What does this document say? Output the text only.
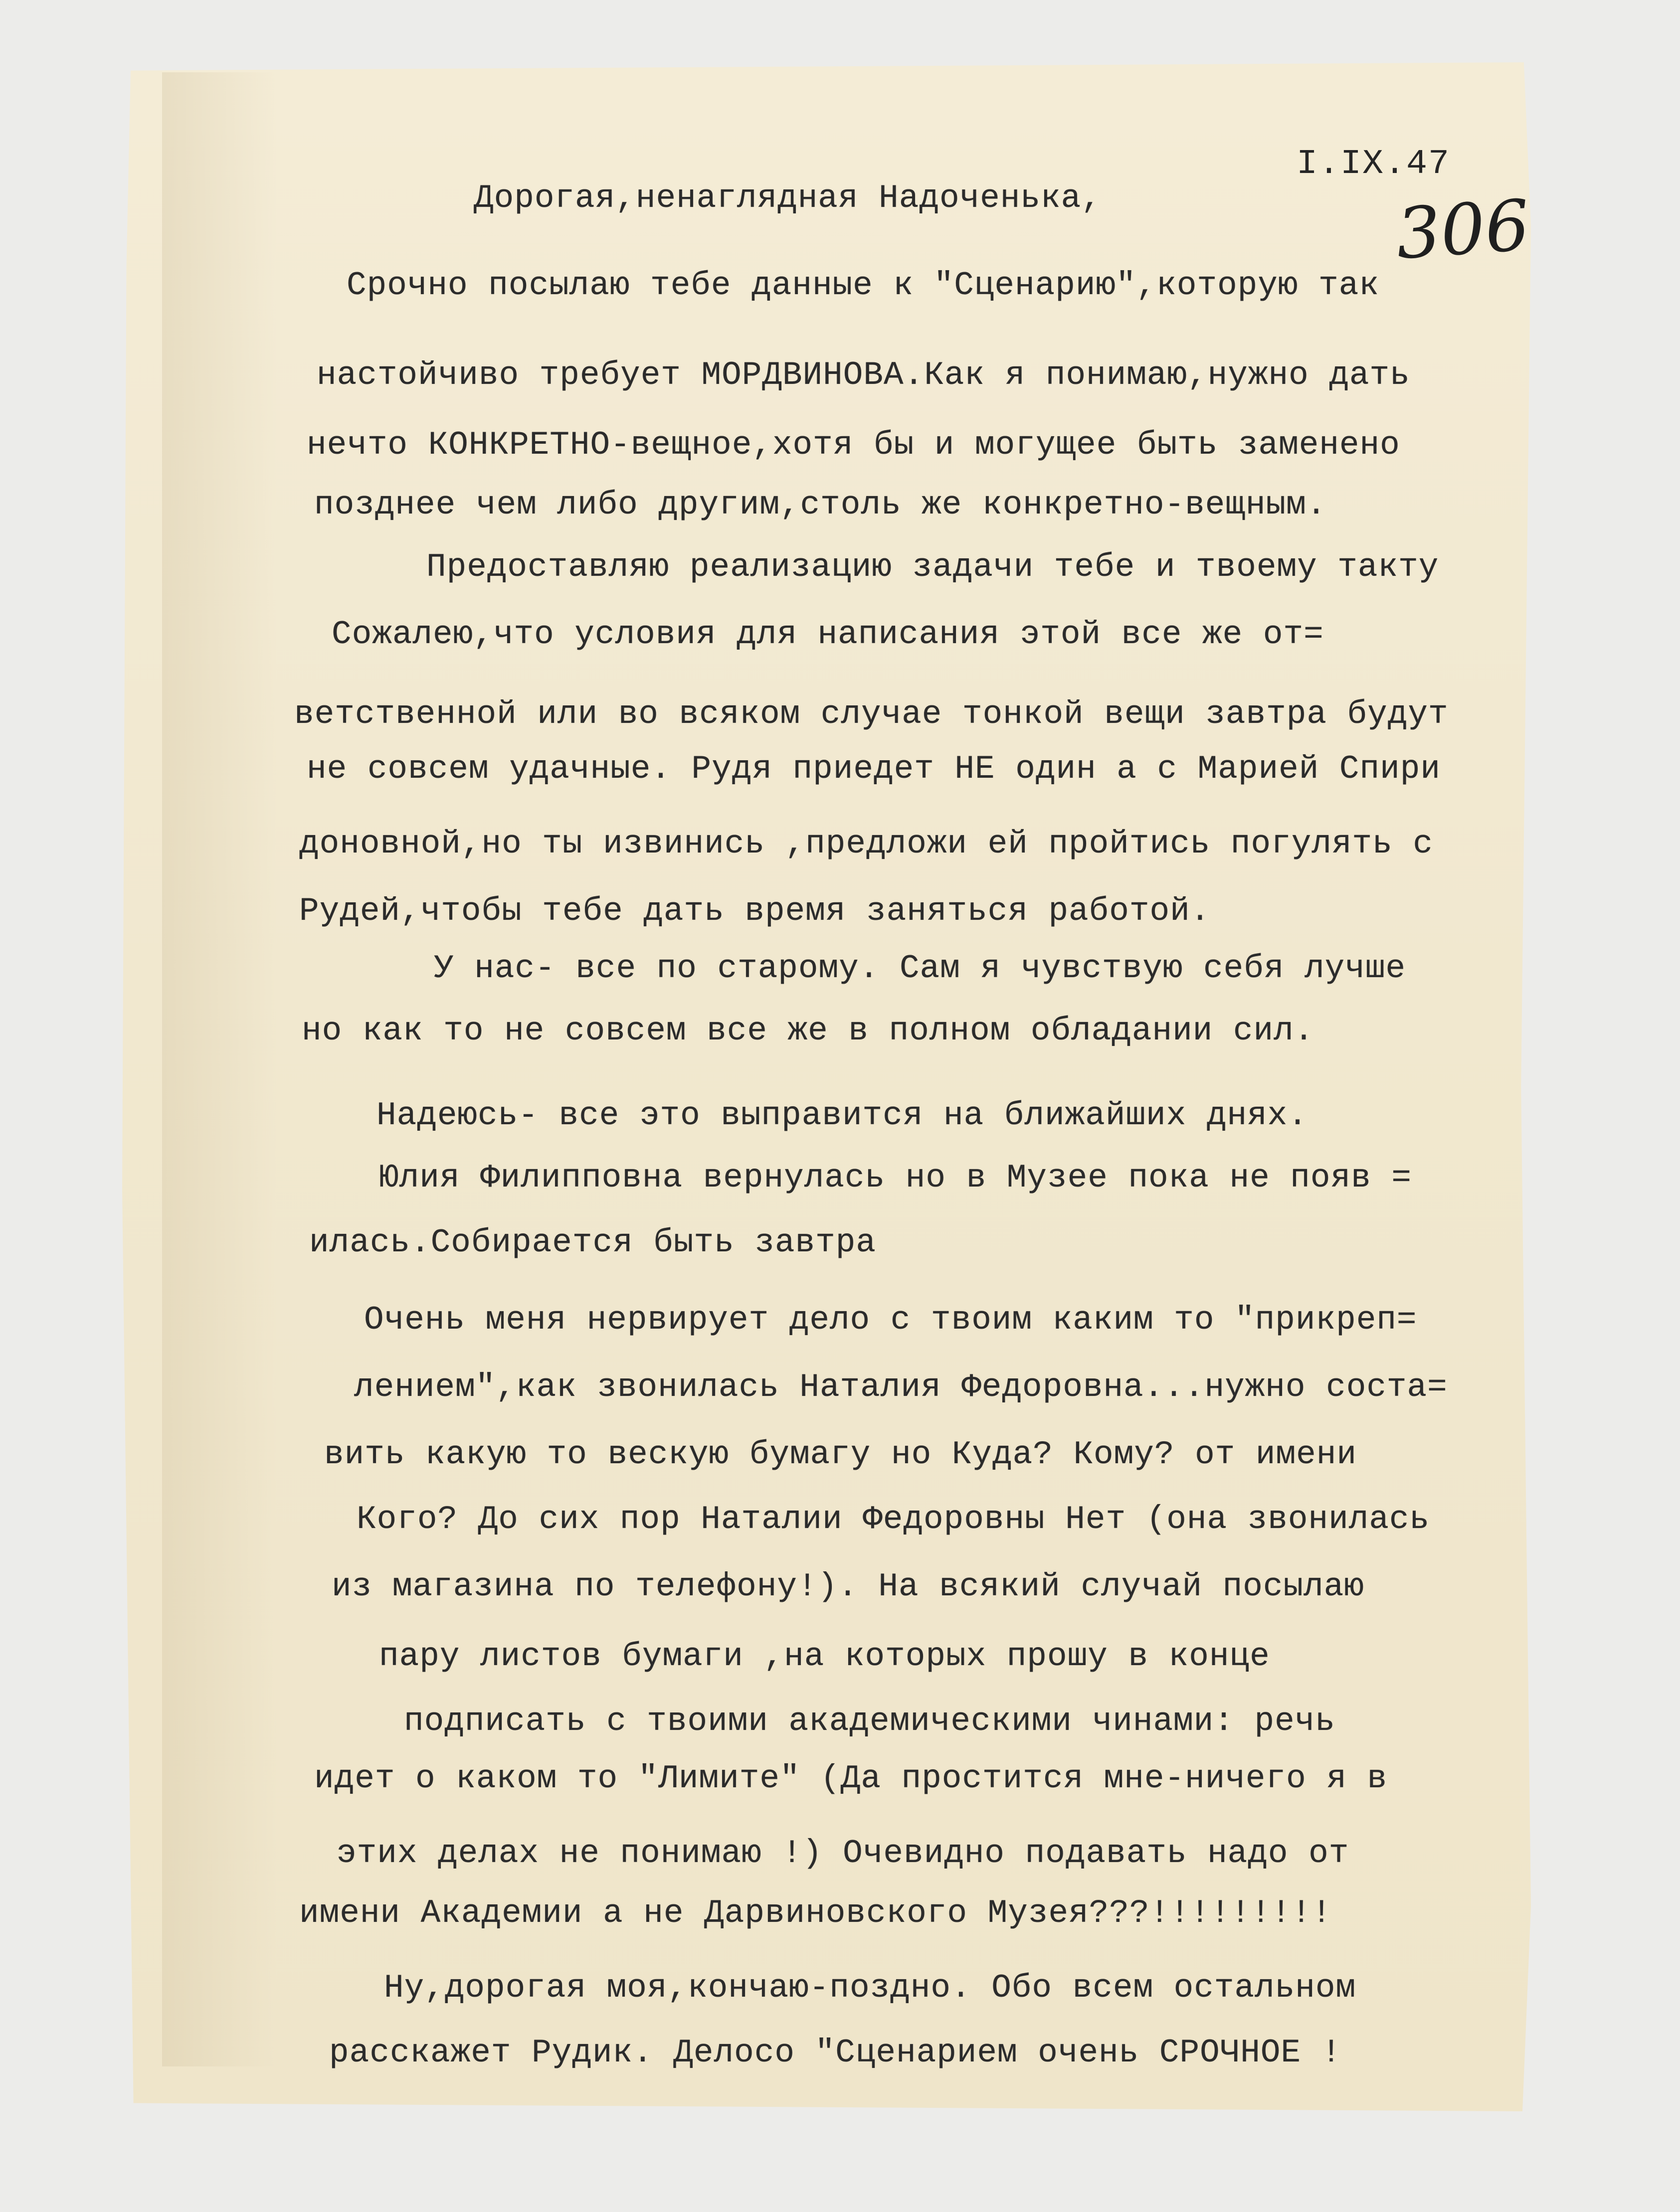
I.IX.47
306
Дорогая,ненаглядная Надоченька,
Срочно посылаю тебе данные к "Сценарию",которую так
настойчиво требует МОРДВИНОВА.Как я понимаю,нужно дать
нечто КОНКРЕТНО-вещное,хотя бы и могущее быть заменено
позднее чем либо другим,столь же конкретно-вещным.
Предоставляю реализацию задачи тебе и твоему такту
Сожалею,что условия для написания этой все же от=
ветственной или во всяком случае тонкой вещи завтра будут
не совсем удачные. Рудя приедет НЕ один а с Марией Спири
доновной,но ты извинись ,предложи ей пройтись погулять с
Рудей,чтобы тебе дать время заняться работой.
У нас- все по старому. Сам я чувствую себя лучше
но как то не совсем все же в полном обладании сил.
Надеюсь- все это выправится на ближайших днях.
Юлия Филипповна вернулась но в Музее пока не появ =
илась.Собирается быть завтра
Очень меня нервирует дело с твоим каким то "прикреп=
лением",как звонилась Наталия Федоровна...нужно соста=
вить какую то вескую бумагу но Куда? Кому? от имени
Кого? До сих пор Наталии Федоровны Нет (она звонилась
из магазина по телефону!). На всякий случай посылаю
пару листов бумаги ,на которых прошу в конце
подписать с твоими академическими чинами: речь
идет о каком то "Лимите" (Да простится мне-ничего я в
этих делах не понимаю !) Очевидно подавать надо от
имени Академии а не Дарвиновского Музея???!!!!!!!!!
Ну,дорогая моя,кончаю-поздно. Обо всем остальном
расскажет Рудик. Делосо "Сценарием очень СРОЧНОЕ !
